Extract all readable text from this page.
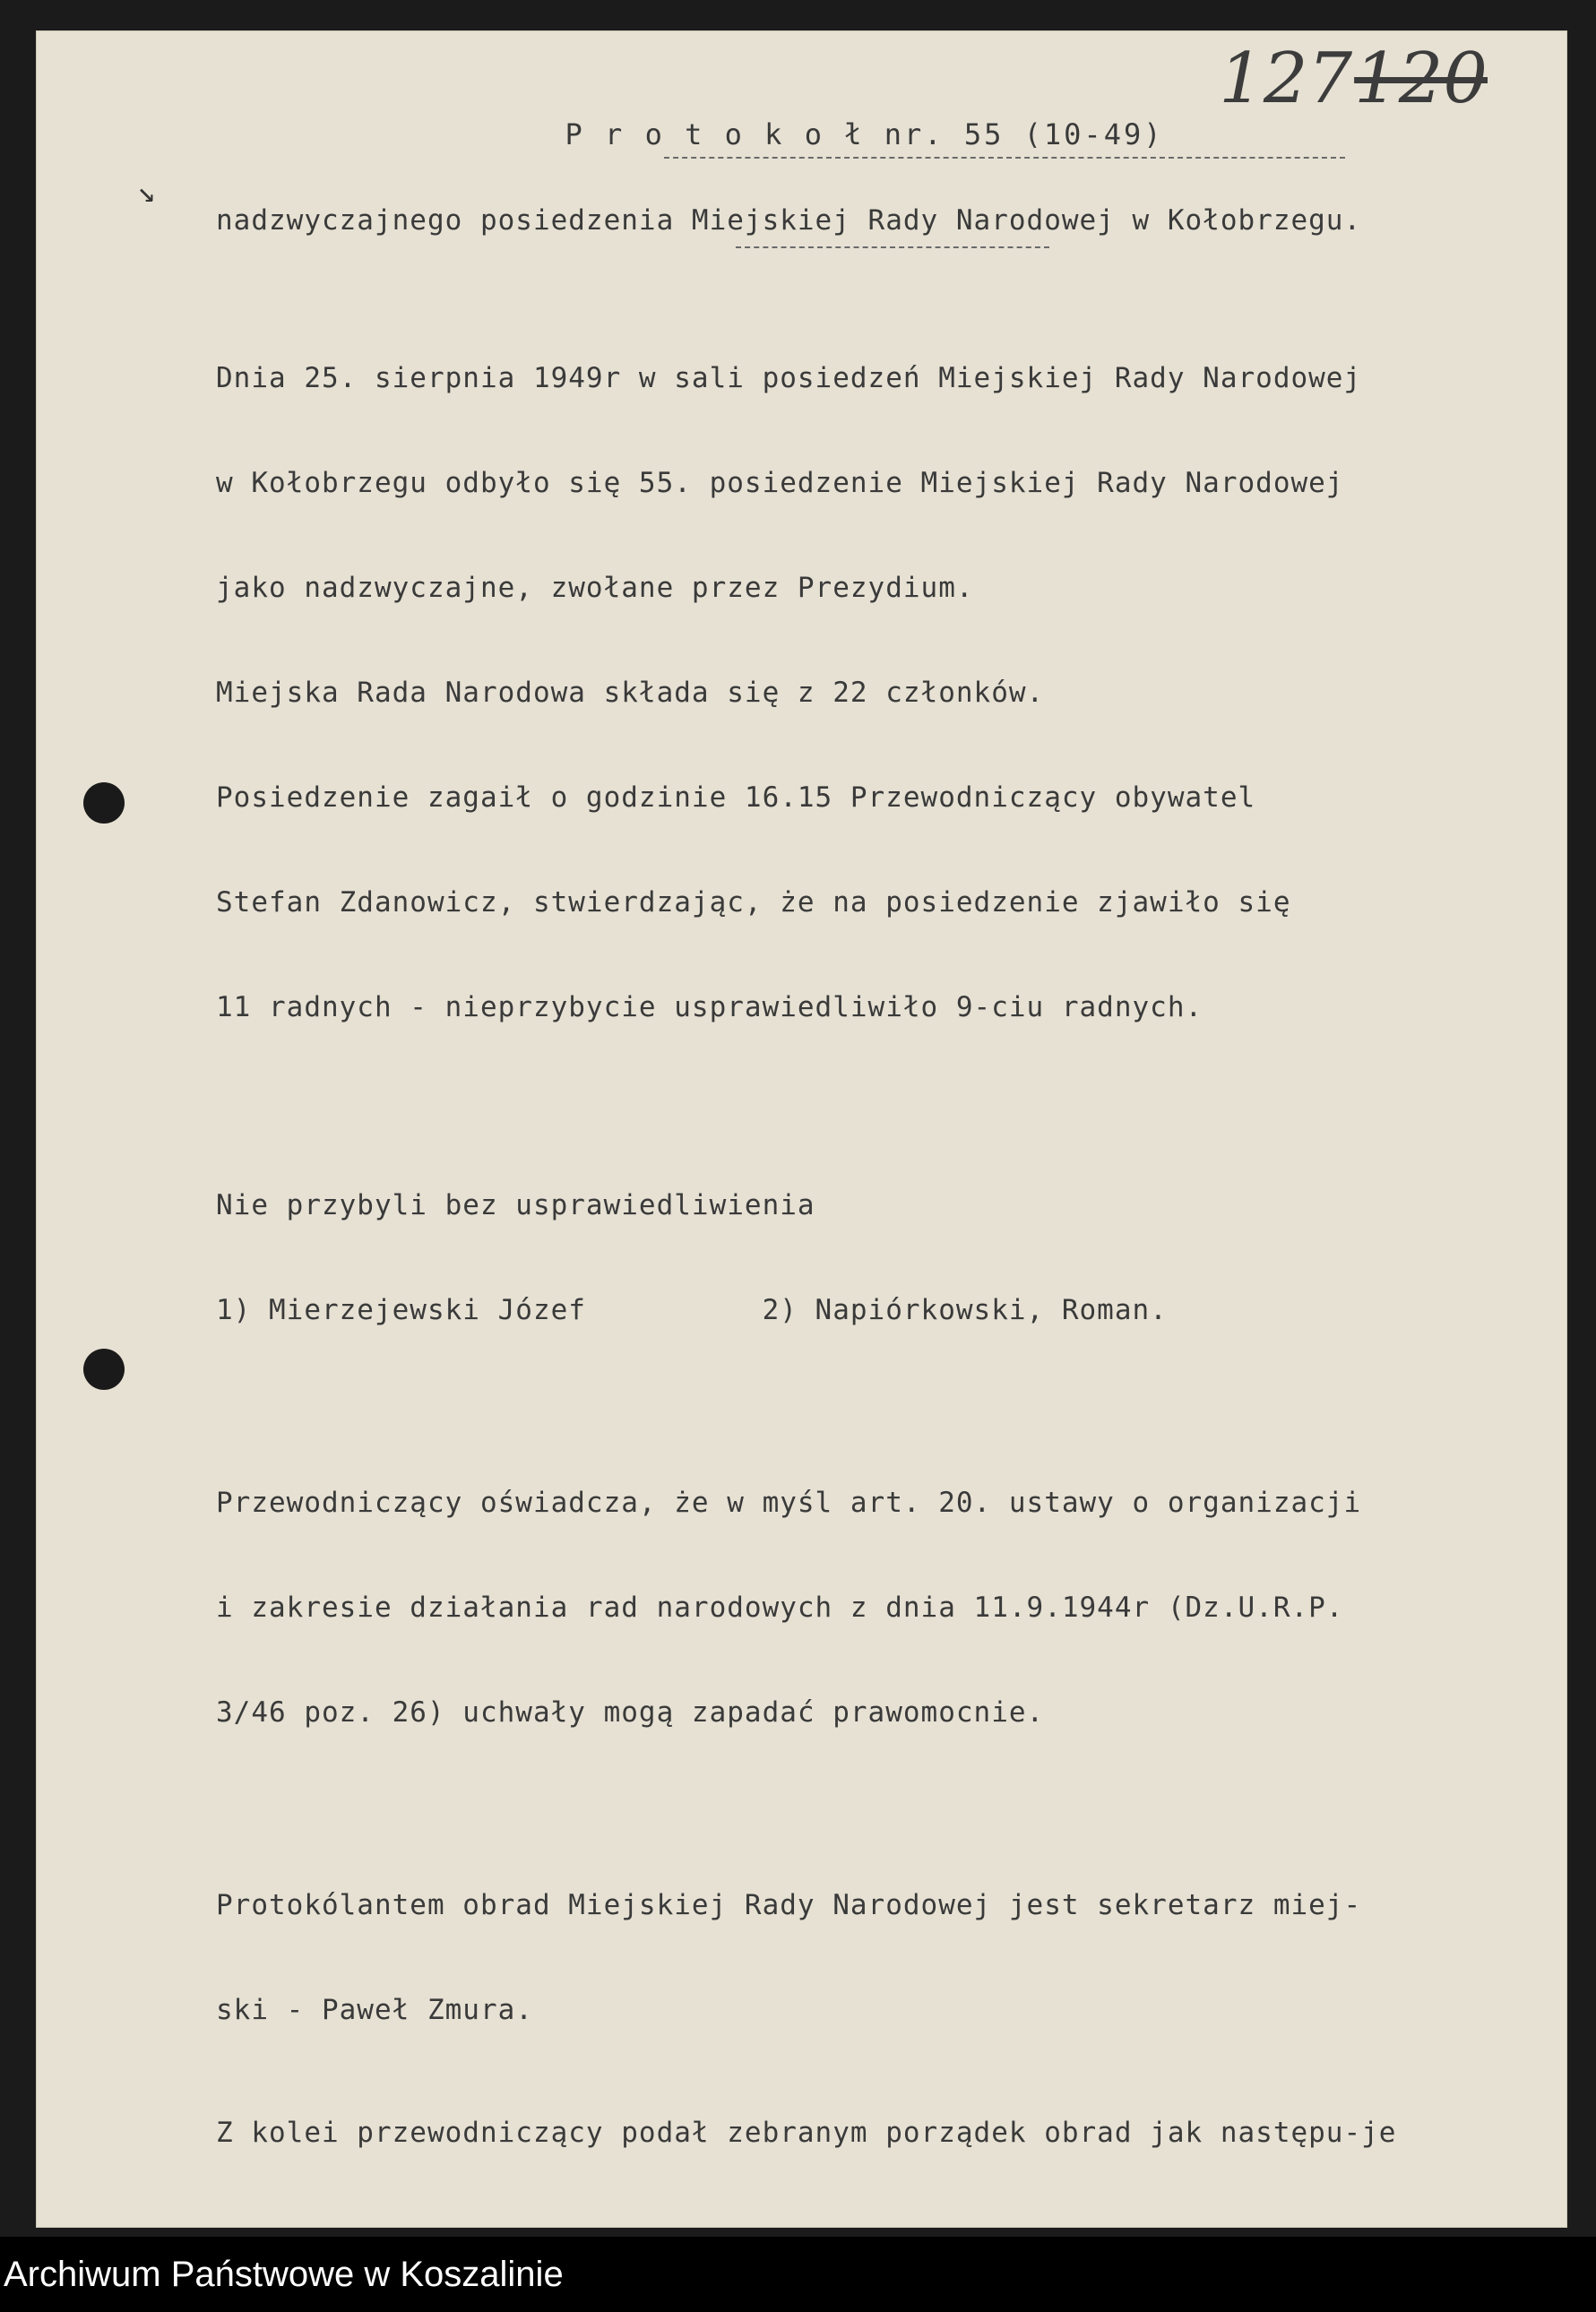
↘
127 120
P r o t o k o ł nr. 55 (10-49)
nadzwyczajnego posiedzenia Miejskiej Rady Narodowej w Kołobrzegu.

Dnia 25. sierpnia 1949r w sali posiedzeń Miejskiej Rady Narodowej

w Kołobrzegu odbyło się 55. posiedzenie Miejskiej Rady Narodowej

jako nadzwyczajne, zwołane przez Prezydium.

Miejska Rada Narodowa składa się z 22 członków.

Posiedzenie zagaił o godzinie 16.15 Przewodniczący obywatel

Stefan Zdanowicz, stwierdzając, że na posiedzenie zjawiło się

11 radnych - nieprzybycie usprawiedliwiło 9-ciu radnych.

Nie przybyli bez usprawiedliwienia

1) Mierzejewski Józef          2) Napiórkowski, Roman.

Przewodniczący oświadcza, że w myśl art. 20. ustawy o organizacji

i zakresie działania rad narodowych z dnia 11.9.1944r (Dz.U.R.P.

3/46 poz. 26) uchwały mogą zapadać prawomocnie.

Protokólantem obrad Miejskiej Rady Narodowej jest sekretarz miej-

ski - Paweł Zmura.

Z kolei przewodniczący podał zebranym porządek obrad jak następu-je

Archiwum Państwowe w Koszalinie
